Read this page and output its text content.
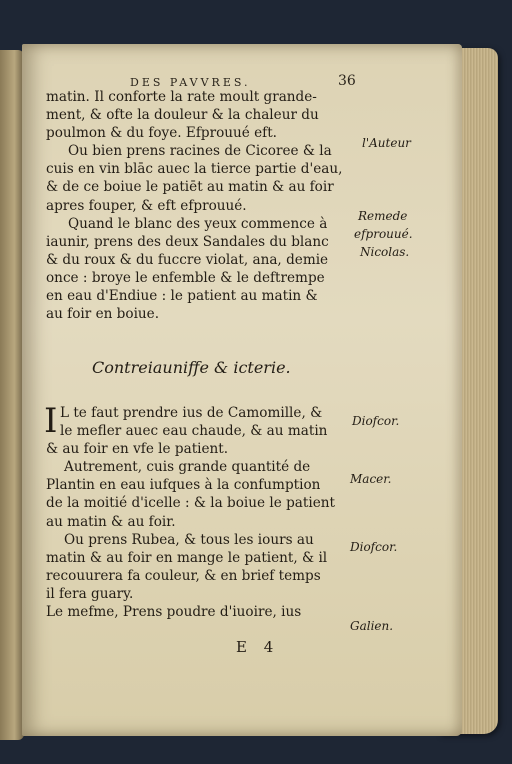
DES PAVVRES.	36
matin. Il conforte la rate moult grande-
ment, & ofte la douleur & la chaleur du
poulmon & du foye. Efprouué eft.
Ou bien prens racines de Cicoree & la
cuis en vin blāc auec la tierce partie d'eau,
& de ce boiue le patiēt au matin & au foir
apres fouper, & eft efprouué.
Quand le blanc des yeux commence à
iaunir, prens des deux Sandales du blanc
& du roux & du fuccre violat, ana, demie
once : broye le enfemble & le deftrempe
en eau d'Endiue : le patient au matin &
au foir en boiue.
Contreiauniffe & icterie.
I L te faut prendre ius de Camomille, &
le mefler auec eau chaude, & au matin
& au foir en vfe le patient.
Autrement, cuis grande quantité de
Plantin en eau iufques à la confumption
de la moitié d'icelle : & la boiue le patient
au matin & au foir.
Ou prens Rubea, & tous les iours au
matin & au foir en mange le patient, & il
recouurera fa couleur, & en brief temps
il fera guary.
Le mefme, Prens poudre d'iuoire, ius
l'Auteur
Remede
efprouué.
Nicolas.
Diofcor.
Macer.
Diofcor.
Galien.
E 4
